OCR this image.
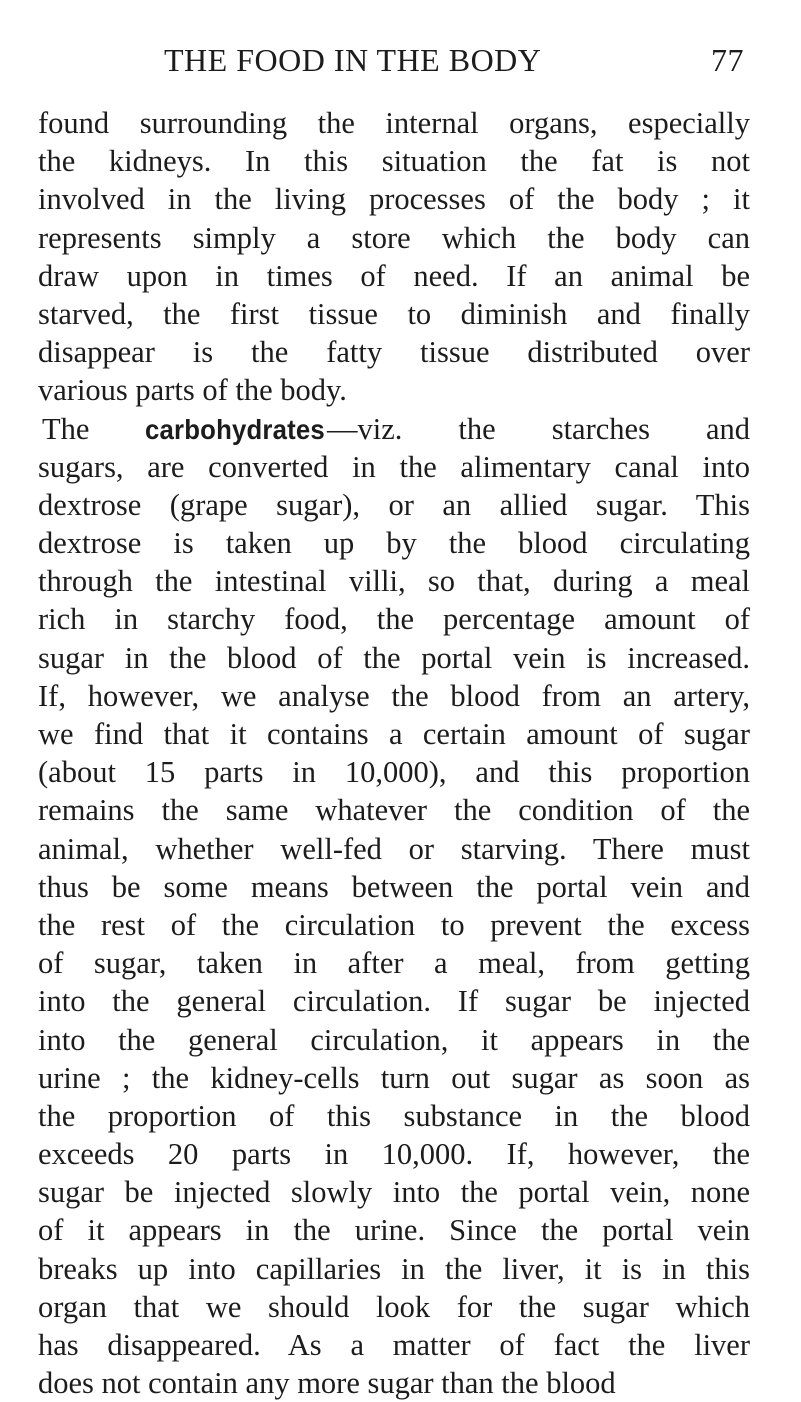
THE FOOD IN THE BODY	77
found surrounding the internal organs, especially
the kidneys. In this situation the fat is not
involved in the living processes of the body ; it
represents simply a store which the body can
draw upon in times of need. If an animal be
starved, the first tissue to diminish and finally
disappear is the fatty tissue distributed over
various parts of the body.
The carbohydrates—viz. the starches and
sugars, are converted in the alimentary canal into
dextrose (grape sugar), or an allied sugar. This
dextrose is taken up by the blood circulating
through the intestinal villi, so that, during a meal
rich in starchy food, the percentage amount of
sugar in the blood of the portal vein is increased.
If, however, we analyse the blood from an artery,
we find that it contains a certain amount of sugar
(about 15 parts in 10,000), and this proportion
remains the same whatever the condition of the
animal, whether well-fed or starving. There must
thus be some means between the portal vein and
the rest of the circulation to prevent the excess
of sugar, taken in after a meal, from getting
into the general circulation. If sugar be injected
into the general circulation, it appears in the
urine ; the kidney-cells turn out sugar as soon as
the proportion of this substance in the blood
exceeds 20 parts in 10,000. If, however, the
sugar be injected slowly into the portal vein, none
of it appears in the urine. Since the portal vein
breaks up into capillaries in the liver, it is in this
organ that we should look for the sugar which
has disappeared. As a matter of fact the liver
does not contain any more sugar than the blood
